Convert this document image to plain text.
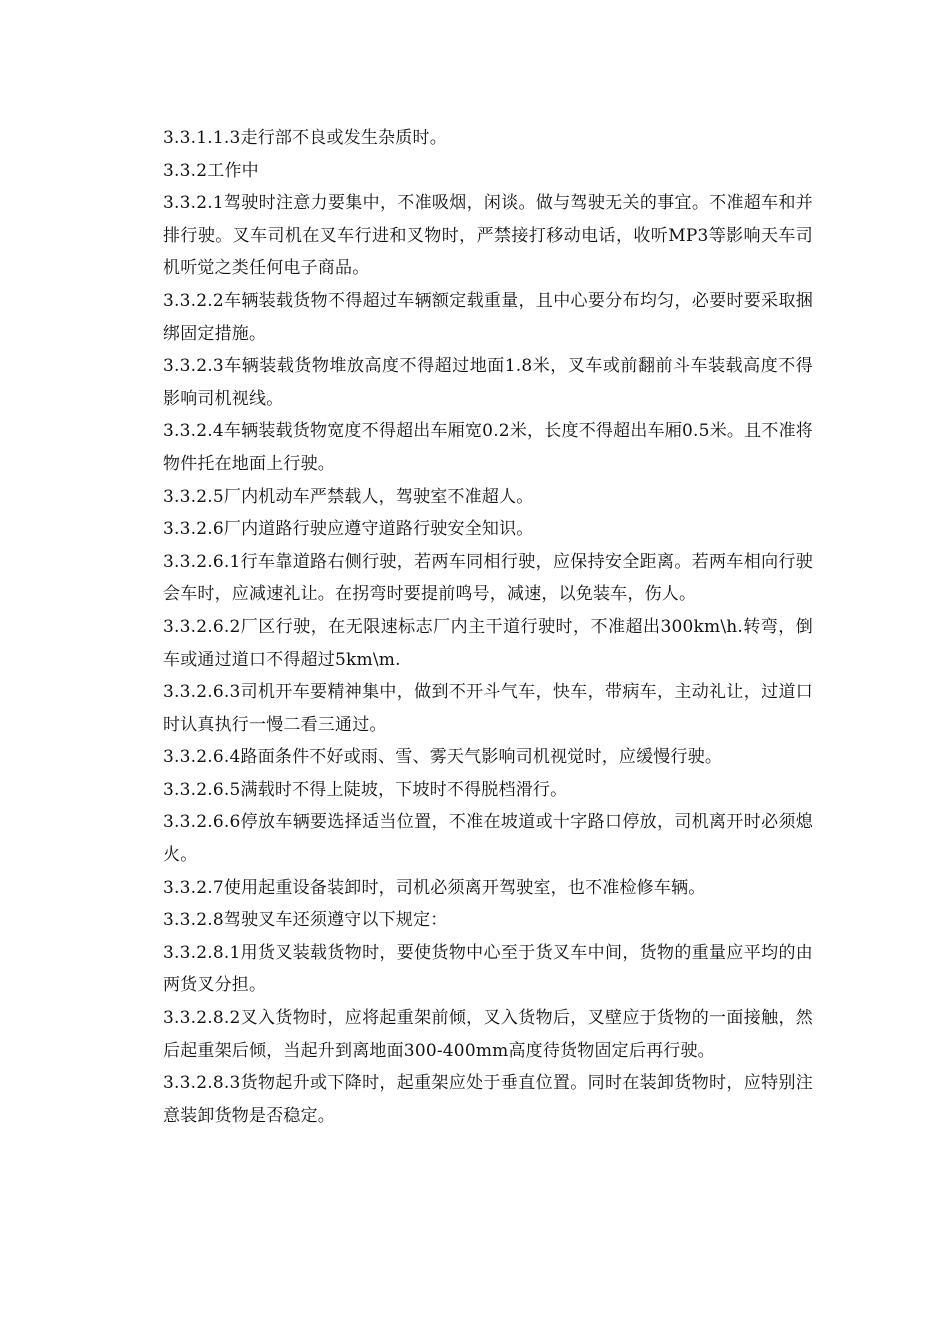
3.3.1.1.3走行部不良或发生杂质时。

3.3.2工作中

3.3.2.1驾驶时注意力要集中，不准吸烟，闲谈。做与驾驶无关的事宜。不准超车和并排行驶。叉车司机在叉车行进和叉物时，严禁接打移动电话，收听MP3等影响天车司机听觉之类任何电子商品。

3.3.2.2车辆装载货物不得超过车辆额定载重量，且中心要分布均匀，必要时要采取捆绑固定措施。

3.3.2.3车辆装载货物堆放高度不得超过地面1.8米，叉车或前翻前斗车装载高度不得影响司机视线。

3.3.2.4车辆装载货物宽度不得超出车厢宽0.2米，长度不得超出车厢0.5米。且不准将物件托在地面上行驶。

3.3.2.5厂内机动车严禁载人，驾驶室不准超人。

3.3.2.6厂内道路行驶应遵守道路行驶安全知识。

3.3.2.6.1行车靠道路右侧行驶，若两车同相行驶，应保持安全距离。若两车相向行驶会车时，应减速礼让。在拐弯时要提前鸣号，减速，以免装车，伤人。

3.3.2.6.2厂区行驶，在无限速标志厂内主干道行驶时，不准超出300km\h.转弯，倒车或通过道口不得超过5km\m.

3.3.2.6.3司机开车要精神集中，做到不开斗气车，快车，带病车，主动礼让，过道口时认真执行一慢二看三通过。

3.3.2.6.4路面条件不好或雨、雪、雾天气影响司机视觉时，应缓慢行驶。

3.3.2.6.5满载时不得上陡坡，下坡时不得脱档滑行。

3.3.2.6.6停放车辆要选择适当位置，不准在坡道或十字路口停放，司机离开时必须熄火。

3.3.2.7使用起重设备装卸时，司机必须离开驾驶室，也不准检修车辆。

3.3.2.8驾驶叉车还须遵守以下规定：

3.3.2.8.1用货叉装载货物时，要使货物中心至于货叉车中间，货物的重量应平均的由两货叉分担。

3.3.2.8.2叉入货物时，应将起重架前倾，叉入货物后，叉壁应于货物的一面接触，然后起重架后倾，当起升到离地面300-400mm高度待货物固定后再行驶。

3.3.2.8.3货物起升或下降时，起重架应处于垂直位置。同时在装卸货物时，应特别注意装卸货物是否稳定。
